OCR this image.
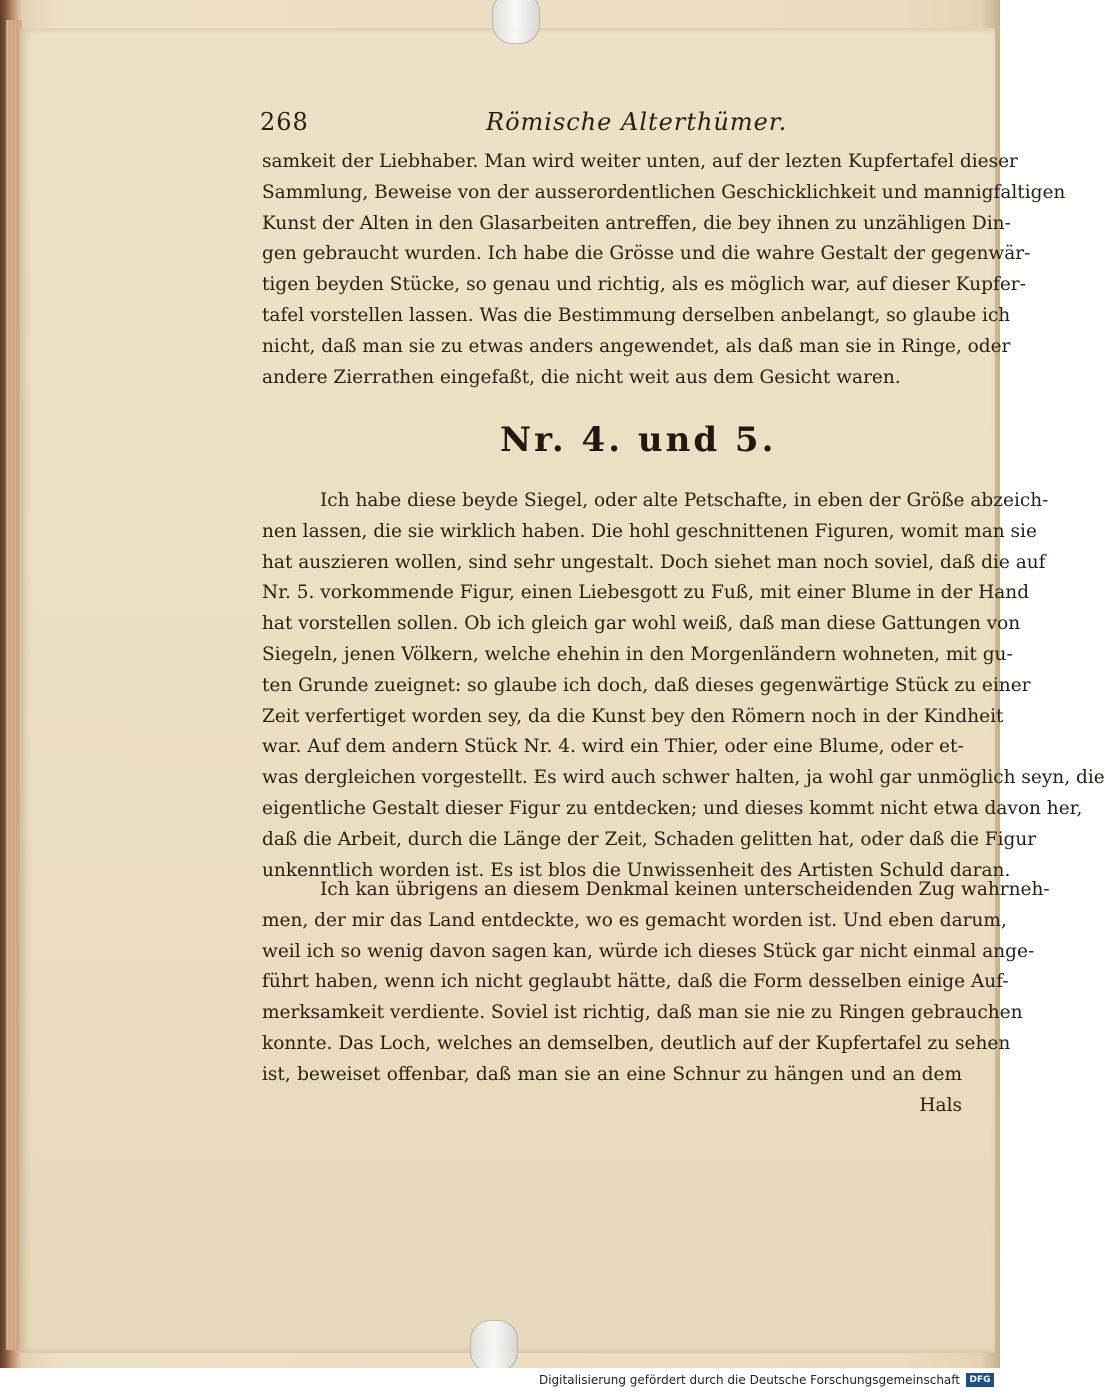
268	Römische Alterthümer.
samkeit der Liebhaber. Man wird weiter unten, auf der lezten Kupfertafel dieser
Sammlung, Beweise von der ausserordentlichen Geschicklichkeit und mannigfaltigen
Kunst der Alten in den Glasarbeiten antreffen, die bey ihnen zu unzähligen Din-
gen gebraucht wurden. Ich habe die Grösse und die wahre Gestalt der gegenwär-
tigen beyden Stücke, so genau und richtig, als es möglich war, auf dieser Kupfer-
tafel vorstellen lassen. Was die Bestimmung derselben anbelangt, so glaube ich
nicht, daß man sie zu etwas anders angewendet, als daß man sie in Ringe, oder
andere Zierrathen eingefaßt, die nicht weit aus dem Gesicht waren.
Nr. 4. und 5.
Ich habe diese beyde Siegel, oder alte Petschafte, in eben der Größe abzeich-
nen lassen, die sie wirklich haben. Die hohl geschnittenen Figuren, womit man sie
hat auszieren wollen, sind sehr ungestalt. Doch siehet man noch soviel, daß die auf
Nr. 5. vorkommende Figur, einen Liebesgott zu Fuß, mit einer Blume in der Hand
hat vorstellen sollen. Ob ich gleich gar wohl weiß, daß man diese Gattungen von
Siegeln, jenen Völkern, welche ehehin in den Morgenländern wohneten, mit gu-
ten Grunde zueignet: so glaube ich doch, daß dieses gegenwärtige Stück zu einer
Zeit verfertiget worden sey, da die Kunst bey den Römern noch in der Kindheit
war. Auf dem andern Stück Nr. 4. wird ein Thier, oder eine Blume, oder et-
was dergleichen vorgestellt. Es wird auch schwer halten, ja wohl gar unmöglich seyn, die
eigentliche Gestalt dieser Figur zu entdecken; und dieses kommt nicht etwa davon her,
daß die Arbeit, durch die Länge der Zeit, Schaden gelitten hat, oder daß die Figur
unkenntlich worden ist. Es ist blos die Unwissenheit des Artisten Schuld daran.
Ich kan übrigens an diesem Denkmal keinen unterscheidenden Zug wahrneh-
men, der mir das Land entdeckte, wo es gemacht worden ist. Und eben darum,
weil ich so wenig davon sagen kan, würde ich dieses Stück gar nicht einmal ange-
führt haben, wenn ich nicht geglaubt hätte, daß die Form desselben einige Auf-
merksamkeit verdiente. Soviel ist richtig, daß man sie nie zu Ringen gebrauchen
konnte. Das Loch, welches an demselben, deutlich auf der Kupfertafel zu sehen
ist, beweiset offenbar, daß man sie an eine Schnur zu hängen und an dem
Hals
Digitalisierung gefördert durch die Deutsche Forschungsgemeinschaft	DFG
